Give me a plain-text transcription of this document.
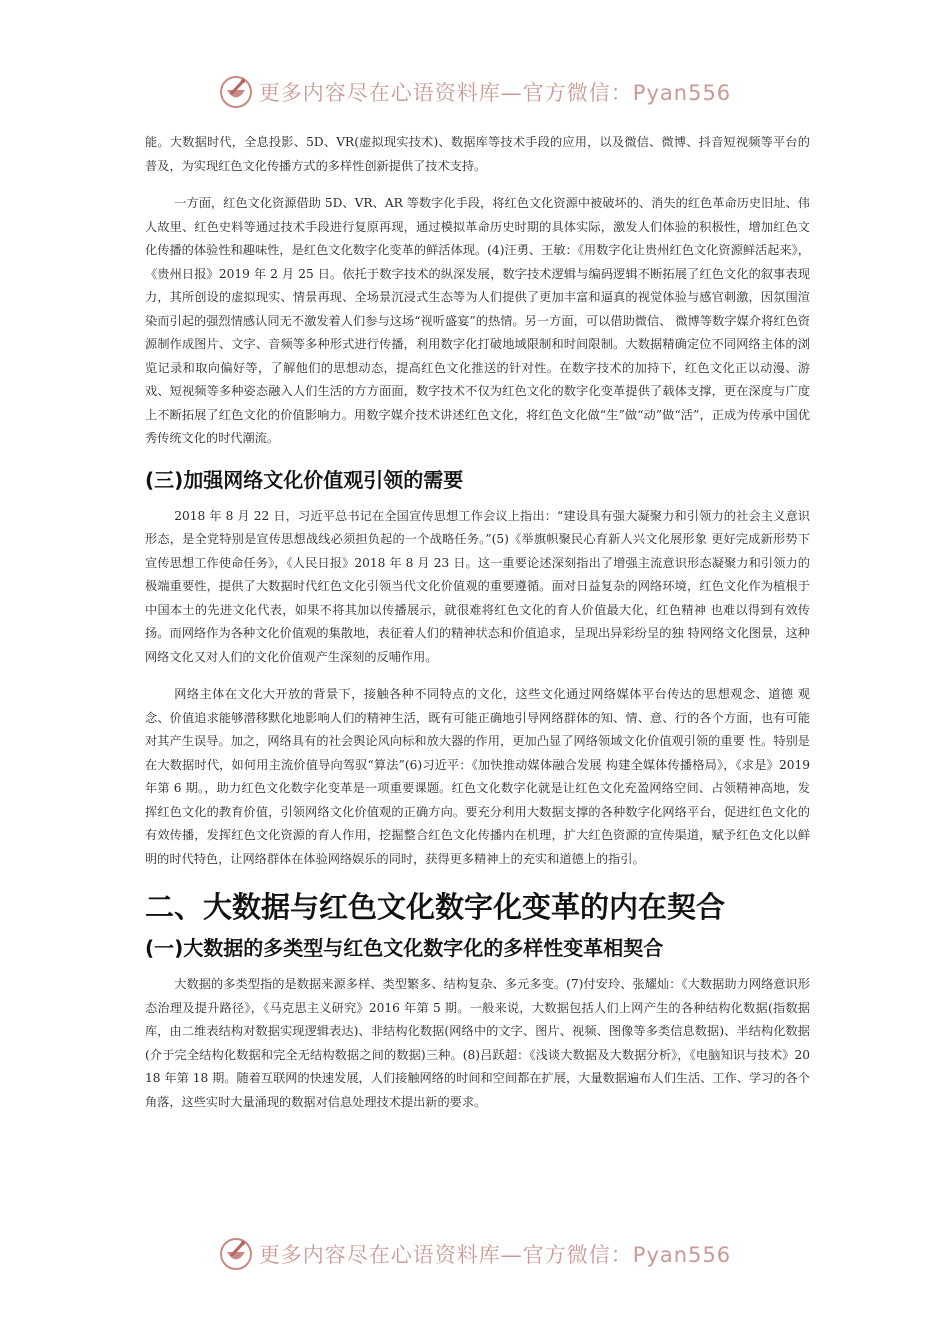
更多内容尽在心语资料库—官方微信：Pyan556

能。大数据时代，全息投影、5D、VR(虚拟现实技术)、数据库等技术手段的应用，以及微信、微博、抖音短视频等平台的普及，为实现红色文化传播方式的多样性创新提供了技术支持。

一方面，红色文化资源借助 5D、VR、AR 等数字化手段，将红色文化资源中被破坏的、消失的红色革命历史旧址、伟人故里、红色史料等通过技术手段进行复原再现，通过模拟革命历史时期的具体实际，激发人们体验的积极性，增加红色文化传播的体验性和趣味性，是红色文化数字化变革的鲜活体现。(4)汪勇、王敏：《用数字化让贵州红色文化资源鲜活起来》，《贵州日报》2019 年 2 月 25 日。依托于数字技术的纵深发展，数字技术逻辑与编码逻辑不断拓展了红色文化的叙事表现力，其所创设的虚拟现实、情景再现、全场景沉浸式生态等为人们提供了更加丰富和逼真的视觉体验与感官刺激，因氛围渲染而引起的强烈情感认同无不激发着人们参与这场“视听盛宴”的热情。另一方面，可以借助微信、 微博等数字媒介将红色资源制作成图片、文字、音频等多种形式进行传播，利用数字化打破地域限制和时间限制。大数据精确定位不同网络主体的浏览记录和取向偏好等，了解他们的思想动态，提高红色文化推送的针对性。在数字技术的加持下，红色文化正以动漫、游戏、短视频等多种姿态融入人们生活的方方面面，数字技术不仅为红色文化的数字化变革提供了载体支撑，更在深度与广度上不断拓展了红色文化的价值影响力。用数字媒介技术讲述红色文化，将红色文化做“生”做“动”做“活”，正成为传承中国优秀传统文化的时代潮流。

(三)加强网络文化价值观引领的需要

2018 年 8 月 22 日，习近平总书记在全国宣传思想工作会议上指出：“建设具有强大凝聚力和引领力的社会主义意识形态，是全党特别是宣传思想战线必须担负起的一个战略任务。”(5)《举旗帜聚民心育新人兴文化展形象 更好完成新形势下宣传思想工作使命任务》，《人民日报》2018 年 8 月 23 日。这一重要论述深刻指出了增强主流意识形态凝聚力和引领力的极端重要性，提供了大数据时代红色文化引领当代文化价值观的重要遵循。面对日益复杂的网络环境，红色文化作为植根于中国本土的先进文化代表，如果不将其加以传播展示，就很难将红色文化的育人价值最大化，红色精神 也难以得到有效传扬。而网络作为各种文化价值观的集散地，表征着人们的精神状态和价值追求，呈现出异彩纷呈的独 特网络文化图景，这种网络文化又对人们的文化价值观产生深刻的反哺作用。

网络主体在文化大开放的背景下，接触各种不同特点的文化，这些文化通过网络媒体平台传达的思想观念、道德 观念、价值追求能够潜移默化地影响人们的精神生活，既有可能正确地引导网络群体的知、情、意、行的各个方面，也有可能对其产生误导。加之，网络具有的社会舆论风向标和放大器的作用，更加凸显了网络领域文化价值观引领的重要 性。特别是在大数据时代，如何用主流价值导向驾驭“算法”(6)习近平：《加快推动媒体融合发展 构建全媒体传播格局》，《求是》2019 年第 6 期。，助力红色文化数字化变革是一项重要课题。红色文化数字化就是让红色文化充盈网络空间、占领精神高地，发挥红色文化的教育价值，引领网络文化价值观的正确方向。要充分利用大数据支撑的各种数字化网络平台，促进红色文化的有效传播，发挥红色文化资源的育人作用，挖掘整合红色文化传播内在机理，扩大红色资源的宣传渠道，赋予红色文化以鲜明的时代特色，让网络群体在体验网络娱乐的同时，获得更多精神上的充实和道德上的指引。

二、大数据与红色文化数字化变革的内在契合
(一)大数据的多类型与红色文化数字化的多样性变革相契合

大数据的多类型指的是数据来源多样、类型繁多、结构复杂、多元多变。(7)付安玲、张耀灿：《大数据助力网络意识形态治理及提升路径》，《马克思主义研究》2016 年第 5 期。一般来说，大数据包括人们上网产生的各种结构化数据(指数据库，由二维表结构对数据实现逻辑表达)、非结构化数据(网络中的文字、图片、视频、图像等多类信息数据)、半结构化数据(介于完全结构化数据和完全无结构数据之间的数据)三种。(8)吕跃超：《浅谈大数据及大数据分析》，《电脑知识与技术》2018 年第 18 期。随着互联网的快速发展，人们接触网络的时间和空间都在扩展，大量数据遍布人们生活、工作、学习的各个角落，这些实时大量涌现的数据对信息处理技术提出新的要求。

更多内容尽在心语资料库—官方微信：Pyan556
